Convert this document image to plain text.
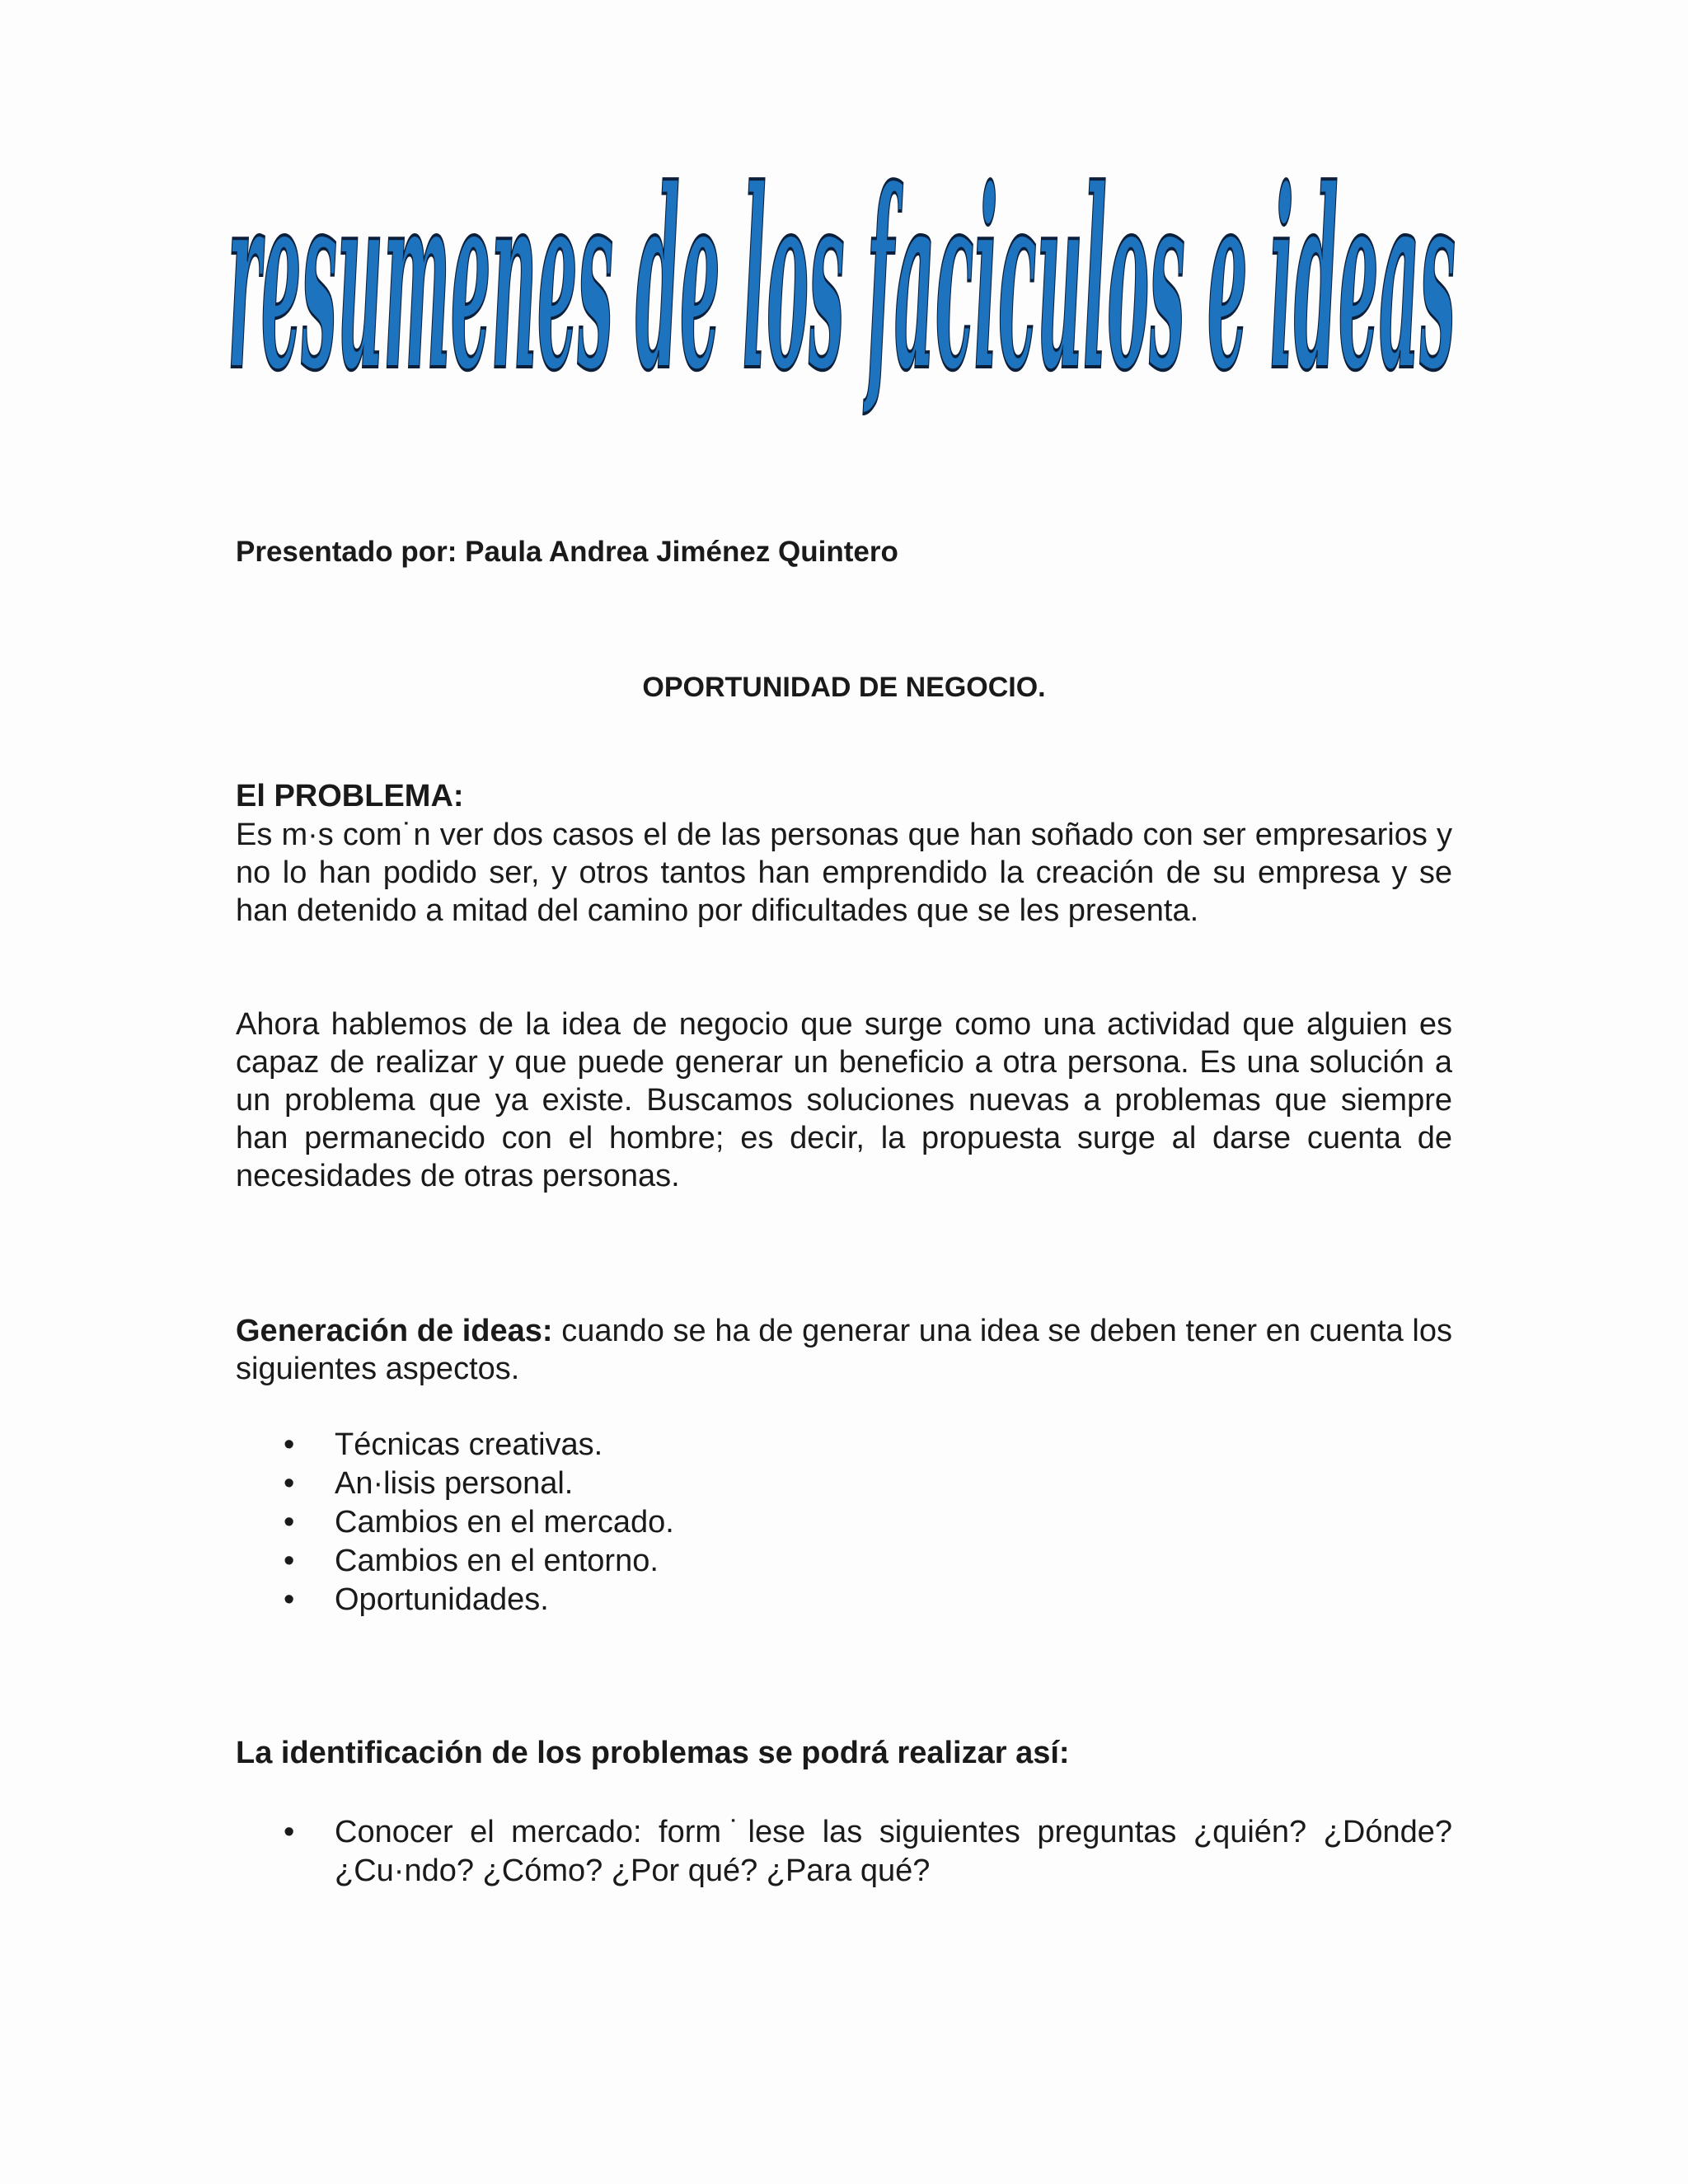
resumenes de los faciculos e ideas
Presentado por: Paula Andrea Jiménez Quintero
OPORTUNIDAD DE NEGOCIO.
El PROBLEMA:
Es m·s com˙n ver dos casos el de las personas que han soñado con ser empresarios y no lo han podido ser, y otros tantos han emprendido la creación de su empresa y se han detenido a mitad del camino por dificultades que se les presenta.
Ahora hablemos de la idea de negocio que surge como una actividad que alguien es capaz de realizar y que puede generar un beneficio a otra persona. Es una solución a un problema que ya existe. Buscamos soluciones nuevas a problemas que siempre han permanecido con el hombre; es decir, la propuesta surge al darse cuenta de necesidades de otras personas.
Generación de ideas: cuando se ha de generar una idea se deben tener en cuenta los siguientes aspectos.
• Técnicas creativas.
• An·lisis personal.
• Cambios en el mercado.
• Cambios en el entorno.
• Oportunidades.
La identificación de los problemas se podrá realizar así:
• Conocer el mercado: form˙lese las siguientes preguntas ¿quién? ¿Dónde? ¿Cu·ndo? ¿Cómo? ¿Por qué? ¿Para qué?
